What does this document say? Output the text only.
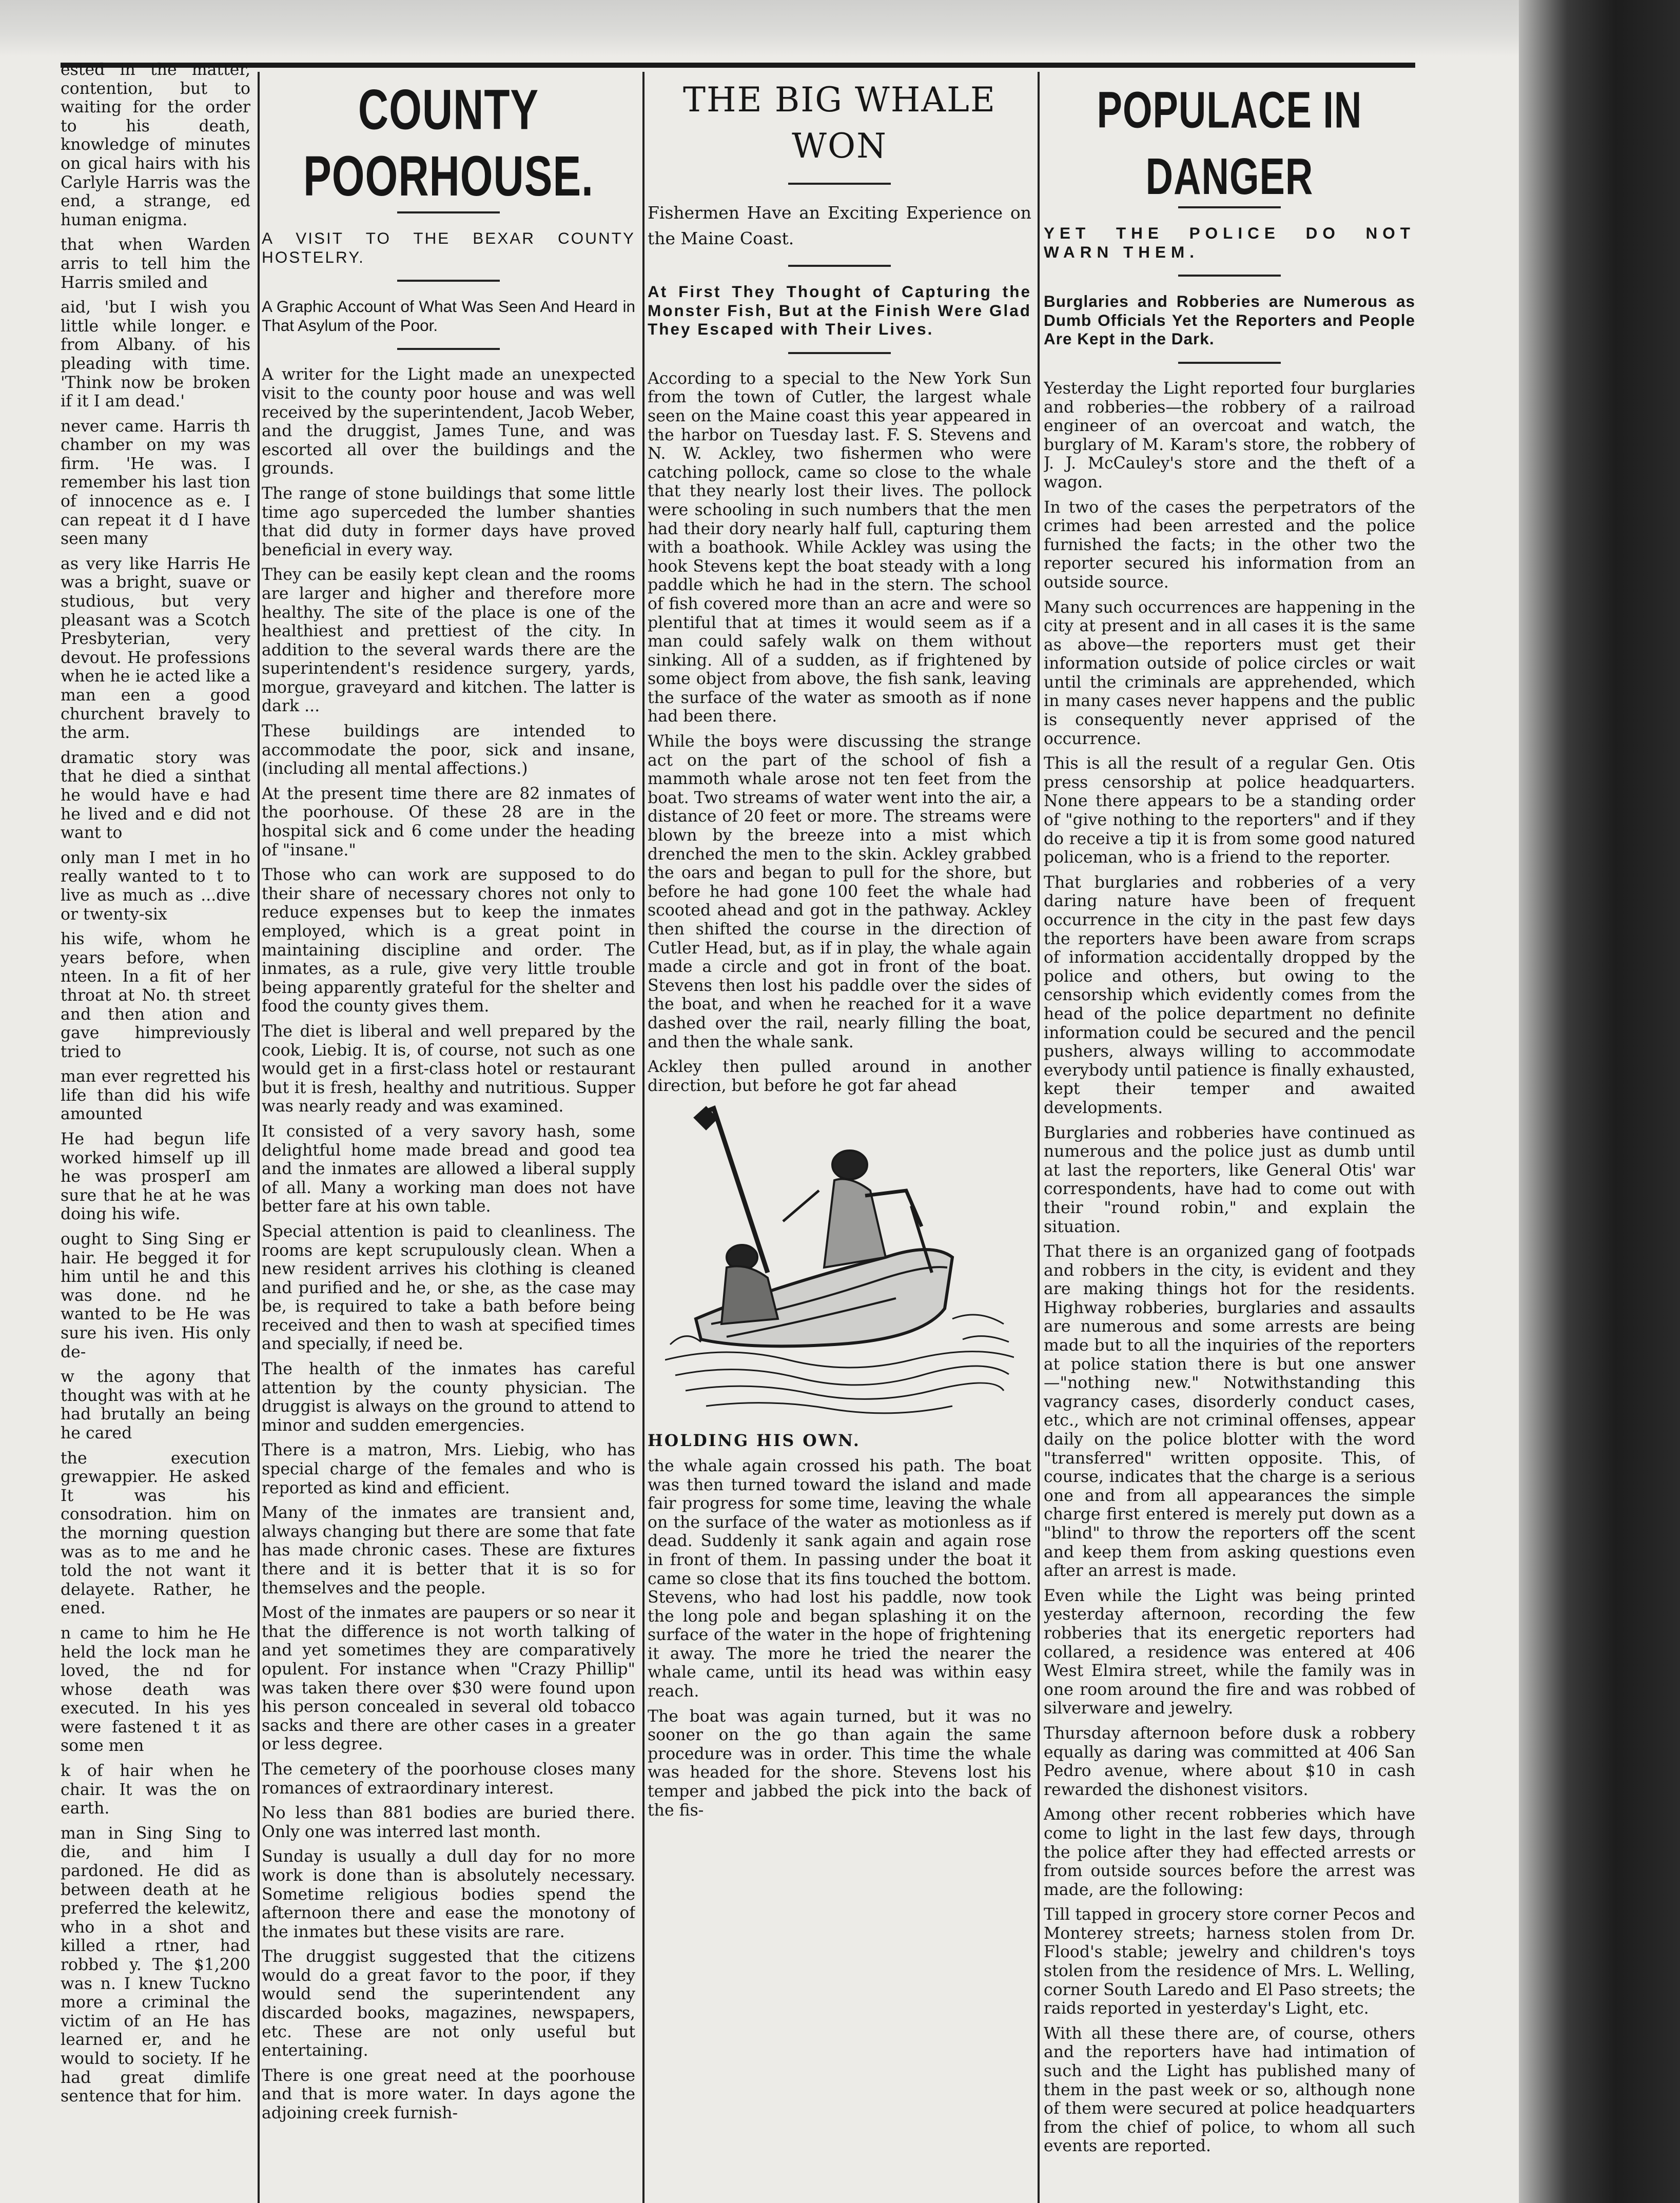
ested in the matter, contention, but to waiting for the order to his death, knowledge of minutes on gical hairs with his Carlyle Harris was the end, a strange, ed human enigma.

that when Warden arris to tell him the Harris smiled and

aid, 'but I wish you little while longer. e from Albany. of his pleading with time. 'Think now be broken if it I am dead.'

never came. Harris th chamber on my was firm. 'He was. I remember his last tion of innocence as e. I can repeat it d I have seen many

as very like Harris He was a bright, suave or studious, but very pleasant was a Scotch Presbyterian, very devout. He professions when he ie acted like a man een a good churchent bravely to the arm.

dramatic story was that he died a sinthat he would have e had he lived and e did not want to

only man I met in ho really wanted to t to live as much as ...dive or twenty-six

his wife, whom he years before, when nteen. In a fit of her throat at No. th street and then ation and gave himpreviously tried to

man ever regretted his life than did his wife amounted

He had begun life worked himself up ill he was prosperI am sure that he at he was doing his wife.

ought to Sing Sing er hair. He begged it for him until he and this was done. nd he wanted to be He was sure his iven. His only de-

w the agony that thought was with at he had brutally an being he cared

the execution grewappier. He asked It was his consodration. him on the morning question was as to me and he told the not want it delayete. Rather, he ened.

n came to him he He held the lock man he loved, the nd for whose death was executed. In his yes were fastened t it as some men

k of hair when he chair. It was the on earth.

man in Sing Sing to die, and him I pardoned. He did as between death at he preferred the kelewitz, who in a shot and killed a rtner, had robbed y. The $1,200 was n. I knew Tuckno more a criminal the victim of an He has learned er, and he would to society. If he had great dimlife sentence that for him.

COUNTY POORHOUSE.

A VISIT TO THE BEXAR COUNTY HOSTELRY.

A Graphic Account of What Was Seen And Heard in That Asylum of the Poor.

A writer for the Light made an unexpected visit to the county poor house and was well received by the superintendent, Jacob Weber, and the druggist, James Tune, and was escorted all over the buildings and the grounds.

The range of stone buildings that some little time ago superceded the lumber shanties that did duty in former days have proved beneficial in every way.

They can be easily kept clean and the rooms are larger and higher and therefore more healthy. The site of the place is one of the healthiest and prettiest of the city. In addition to the several wards there are the superintendent's residence surgery, yards, morgue, graveyard and kitchen. The latter is dark ...

These buildings are intended to accommodate the poor, sick and insane, (including all mental affections.)

At the present time there are 82 inmates of the poorhouse. Of these 28 are in the hospital sick and 6 come under the heading of "insane."

Those who can work are supposed to do their share of necessary chores not only to reduce expenses but to keep the inmates employed, which is a great point in maintaining discipline and order. The inmates, as a rule, give very little trouble being apparently grateful for the shelter and food the county gives them.

The diet is liberal and well prepared by the cook, Liebig. It is, of course, not such as one would get in a first-class hotel or restaurant but it is fresh, healthy and nutritious. Supper was nearly ready and was examined.

It consisted of a very savory hash, some delightful home made bread and good tea and the inmates are allowed a liberal supply of all. Many a working man does not have better fare at his own table.

Special attention is paid to cleanliness. The rooms are kept scrupulously clean. When a new resident arrives his clothing is cleaned and purified and he, or she, as the case may be, is required to take a bath before being received and then to wash at specified times and specially, if need be.

The health of the inmates has careful attention by the county physician. The druggist is always on the ground to attend to minor and sudden emergencies.

There is a matron, Mrs. Liebig, who has special charge of the females and who is reported as kind and efficient.

Many of the inmates are transient and, always changing but there are some that fate has made chronic cases. These are fixtures there and it is better that it is so for themselves and the people.

Most of the inmates are paupers or so near it that the difference is not worth talking of and yet sometimes they are comparatively opulent. For instance when "Crazy Phillip" was taken there over $30 were found upon his person concealed in several old tobacco sacks and there are other cases in a greater or less degree.

The cemetery of the poorhouse closes many romances of extraordinary interest.

No less than 881 bodies are buried there. Only one was interred last month.

Sunday is usually a dull day for no more work is done than is absolutely necessary. Sometime religious bodies spend the afternoon there and ease the monotony of the inmates but these visits are rare.

The druggist suggested that the citizens would do a great favor to the poor, if they would send the superintendent any discarded books, magazines, newspapers, etc. These are not only useful but entertaining.

There is one great need at the poorhouse and that is more water. In days agone the adjoining creek furnish-

THE BIG WHALE WON

Fishermen Have an Exciting Experience on the Maine Coast.

At First They Thought of Capturing the Monster Fish, But at the Finish Were Glad They Escaped with Their Lives.

According to a special to the New York Sun from the town of Cutler, the largest whale seen on the Maine coast this year appeared in the harbor on Tuesday last. F. S. Stevens and N. W. Ackley, two fishermen who were catching pollock, came so close to the whale that they nearly lost their lives. The pollock were schooling in such numbers that the men had their dory nearly half full, capturing them with a boathook. While Ackley was using the hook Stevens kept the boat steady with a long paddle which he had in the stern. The school of fish covered more than an acre and were so plentiful that at times it would seem as if a man could safely walk on them without sinking. All of a sudden, as if frightened by some object from above, the fish sank, leaving the surface of the water as smooth as if none had been there.

While the boys were discussing the strange act on the part of the school of fish a mammoth whale arose not ten feet from the boat. Two streams of water went into the air, a distance of 20 feet or more. The streams were blown by the breeze into a mist which drenched the men to the skin. Ackley grabbed the oars and began to pull for the shore, but before he had gone 100 feet the whale had scooted ahead and got in the pathway. Ackley then shifted the course in the direction of Cutler Head, but, as if in play, the whale again made a circle and got in front of the boat. Stevens then lost his paddle over the sides of the boat, and when he reached for it a wave dashed over the rail, nearly filling the boat, and then the whale sank.

Ackley then pulled around in another direction, but before he got far ahead

HOLDING HIS OWN.

the whale again crossed his path. The boat was then turned toward the island and made fair progress for some time, leaving the whale on the surface of the water as motionless as if dead. Suddenly it sank again and again rose in front of them. In passing under the boat it came so close that its fins touched the bottom. Stevens, who had lost his paddle, now took the long pole and began splashing it on the surface of the water in the hope of frightening it away. The more he tried the nearer the whale came, until its head was within easy reach.

The boat was again turned, but it was no sooner on the go than again the same procedure was in order. This time the whale was headed for the shore. Stevens lost his temper and jabbed the pick into the back of the fis-

POPULACE IN DANGER

YET THE POLICE DO NOT WARN THEM.

Burglaries and Robberies are Numerous as Dumb Officials Yet the Reporters and People Are Kept in the Dark.

Yesterday the Light reported four burglaries and robberies—the robbery of a railroad engineer of an overcoat and watch, the burglary of M. Karam's store, the robbery of J. J. McCauley's store and the theft of a wagon.

In two of the cases the perpetrators of the crimes had been arrested and the police furnished the facts; in the other two the reporter secured his information from an outside source.

Many such occurrences are happening in the city at present and in all cases it is the same as above—the reporters must get their information outside of police circles or wait until the criminals are apprehended, which in many cases never happens and the public is consequently never apprised of the occurrence.

This is all the result of a regular Gen. Otis press censorship at police headquarters. None there appears to be a standing order of "give nothing to the reporters" and if they do receive a tip it is from some good natured policeman, who is a friend to the reporter.

That burglaries and robberies of a very daring nature have been of frequent occurrence in the city in the past few days the reporters have been aware from scraps of information accidentally dropped by the police and others, but owing to the censorship which evidently comes from the head of the police department no definite information could be secured and the pencil pushers, always willing to accommodate everybody until patience is finally exhausted, kept their temper and awaited developments.

Burglaries and robberies have continued as numerous and the police just as dumb until at last the reporters, like General Otis' war correspondents, have had to come out with their "round robin," and explain the situation.

That there is an organized gang of footpads and robbers in the city, is evident and they are making things hot for the residents. Highway robberies, burglaries and assaults are numerous and some arrests are being made but to all the inquiries of the reporters at police station there is but one answer—"nothing new." Notwithstanding this vagrancy cases, disorderly conduct cases, etc., which are not criminal offenses, appear daily on the police blotter with the word "transferred" written opposite. This, of course, indicates that the charge is a serious one and from all appearances the simple charge first entered is merely put down as a "blind" to throw the reporters off the scent and keep them from asking questions even after an arrest is made.

Even while the Light was being printed yesterday afternoon, recording the few robberies that its energetic reporters had collared, a residence was entered at 406 West Elmira street, while the family was in one room around the fire and was robbed of silverware and jewelry.

Thursday afternoon before dusk a robbery equally as daring was committed at 406 San Pedro avenue, where about $10 in cash rewarded the dishonest visitors.

Among other recent robberies which have come to light in the last few days, through the police after they had effected arrests or from outside sources before the arrest was made, are the following:

Till tapped in grocery store corner Pecos and Monterey streets; harness stolen from Dr. Flood's stable; jewelry and children's toys stolen from the residence of Mrs. L. Welling, corner South Laredo and El Paso streets; the raids reported in yesterday's Light, etc.

With all these there are, of course, others and the reporters have had intimation of such and the Light has published many of them in the past week or so, although none of them were secured at police headquarters from the chief of police, to whom all such events are reported.
